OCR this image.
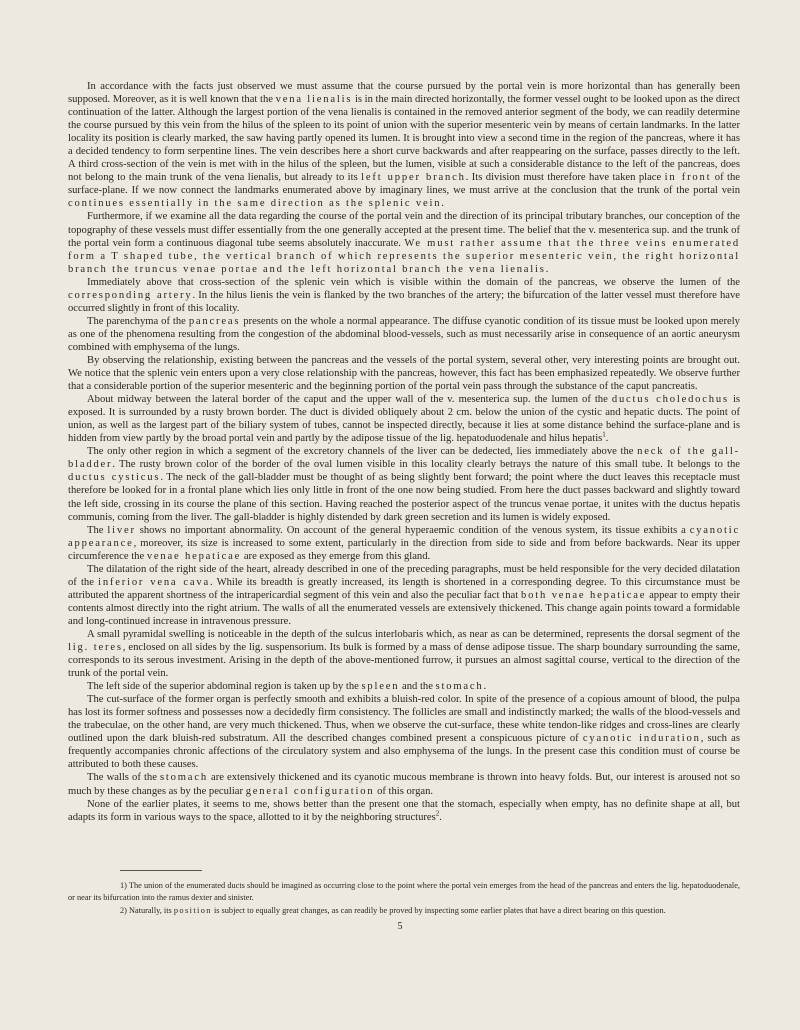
In accordance with the facts just observed we must assume that the course pursued by the portal vein is more horizontal than has generally been supposed. Moreover, as it is well known that the vena lienalis is in the main directed horizontally, the former vessel ought to be looked upon as the direct continuation of the latter. Although the largest portion of the vena lienalis is contained in the removed anterior segment of the body, we can readily determine the course pursued by this vein from the hilus of the spleen to its point of union with the superior mesenteric vein by means of certain landmarks. In the latter locality its position is clearly marked, the saw having partly opened its lumen. It is brought into view a second time in the region of the pancreas, where it has a decided tendency to form serpentine lines. The vein describes here a short curve backwards and after reappearing on the surface, passes directly to the left. A third cross-section of the vein is met with in the hilus of the spleen, but the lumen, visible at such a considerable distance to the left of the pancreas, does not belong to the main trunk of the vena lienalis, but already to its left upper branch. Its division must therefore have taken place in front of the surface-plane. If we now connect the landmarks enumerated above by imaginary lines, we must arrive at the conclusion that the trunk of the portal vein continues essentially in the same direction as the splenic vein.

Furthermore, if we examine all the data regarding the course of the portal vein and the direction of its principal tributary branches, our conception of the topography of these vessels must differ essentially from the one generally accepted at the present time. The belief that the v. mesenterica sup. and the trunk of the portal vein form a continuous diagonal tube seems absolutely inaccurate. We must rather assume that the three veins enumerated form a T shaped tube, the vertical branch of which represents the superior mesenteric vein, the right horizontal branch the truncus venae portae and the left horizontal branch the vena lienalis.

Immediately above that cross-section of the splenic vein which is visible within the domain of the pancreas, we observe the lumen of the corresponding artery. In the hilus lienis the vein is flanked by the two branches of the artery; the bifurcation of the latter vessel must therefore have occurred slightly in front of this locality.

The parenchyma of the pancreas presents on the whole a normal appearance. The diffuse cyanotic condition of its tissue must be looked upon merely as one of the phenomena resulting from the congestion of the abdominal blood-vessels, such as must necessarily arise in consequence of an aortic aneurysm combined with emphysema of the lungs.

By observing the relationship, existing between the pancreas and the vessels of the portal system, several other, very interesting points are brought out. We notice that the splenic vein enters upon a very close relationship with the pancreas, however, this fact has been emphasized repeatedly. We observe further that a considerable portion of the superior mesenteric and the beginning portion of the portal vein pass through the substance of the caput pancreatis.

About midway between the lateral border of the caput and the upper wall of the v. mesenterica sup. the lumen of the ductus choledochus is exposed. It is surrounded by a rusty brown border. The duct is divided obliquely about 2 cm. below the union of the cystic and hepatic ducts. The point of union, as well as the largest part of the biliary system of tubes, cannot be inspected directly, because it lies at some distance behind the surface-plane and is hidden from view partly by the broad portal vein and partly by the adipose tissue of the lig. hepatoduodenale and hilus hepatis$^1$.

The only other region in which a segment of the excretory channels of the liver can be dedected, lies immediately above the neck of the gall-bladder. The rusty brown color of the border of the oval lumen visible in this locality clearly betrays the nature of this small tube. It belongs to the ductus cysticus. The neck of the gall-bladder must be thought of as being slightly bent forward; the point where the duct leaves this receptacle must therefore be looked for in a frontal plane which lies only little in front of the one now being studied. From here the duct passes backward and slightly toward the left side, crossing in its course the plane of this section. Having reached the posterior aspect of the truncus venae portae, it unites with the ductus hepatis communis, coming from the liver. The gall-bladder is highly distended by dark green secretion and its lumen is widely exposed.

The liver shows no important abnormality. On account of the general hyperaemic condition of the venous system, its tissue exhibits a cyanotic appearance, moreover, its size is increased to some extent, particularly in the direction from side to side and from before backwards. Near its upper circumference the venae hepaticae are exposed as they emerge from this gland.

The dilatation of the right side of the heart, already described in one of the preceding paragraphs, must be held responsible for the very decided dilatation of the inferior vena cava. While its breadth is greatly increased, its length is shortened in a corresponding degree. To this circumstance must be attributed the apparent shortness of the intrapericardial segment of this vein and also the peculiar fact that both venae hepaticae appear to empty their contents almost directly into the right atrium. The walls of all the enumerated vessels are extensively thickened. This change again points toward a formidable and long-continued increase in intravenous pressure.

A small pyramidal swelling is noticeable in the depth of the sulcus interlobaris which, as near as can be determined, represents the dorsal segment of the lig. teres, enclosed on all sides by the lig. suspensorium. Its bulk is formed by a mass of dense adipose tissue. The sharp boundary surrounding the same, corresponds to its serous investment. Arising in the depth of the above-mentioned furrow, it pursues an almost sagittal course, vertical to the direction of the trunk of the portal vein.

The left side of the superior abdominal region is taken up by the spleen and the stomach.

The cut-surface of the former organ is perfectly smooth and exhibits a bluish-red color. In spite of the presence of a copious amount of blood, the pulpa has lost its former softness and possesses now a decidedly firm consistency. The follicles are small and indistinctly marked; the walls of the blood-vessels and the trabeculae, on the other hand, are very much thickened. Thus, when we observe the cut-surface, these white tendon-like ridges and cross-lines are clearly outlined upon the dark bluish-red substratum. All the described changes combined present a conspicuous picture of cyanotic induration, such as frequently accompanies chronic affections of the circulatory system and also emphysema of the lungs. In the present case this condition must of course be attributed to both these causes.

The walls of the stomach are extensively thickened and its cyanotic mucous membrane is thrown into heavy folds. But, our interest is aroused not so much by these changes as by the peculiar general configuration of this organ.

None of the earlier plates, it seems to me, shows better than the present one that the stomach, especially when empty, has no definite shape at all, but adapts its form in various ways to the space, allotted to it by the neighboring structures$^2$.

1) The union of the enumerated ducts should be imagined as occurring close to the point where the portal vein emerges from the head of the pancreas and enters the lig. hepatoduodenale, or near its bifurcation into the ramus dexter and sinister.

2) Naturally, its position is subject to equally great changes, as can readily be proved by inspecting some earlier plates that have a direct bearing on this question.

5
